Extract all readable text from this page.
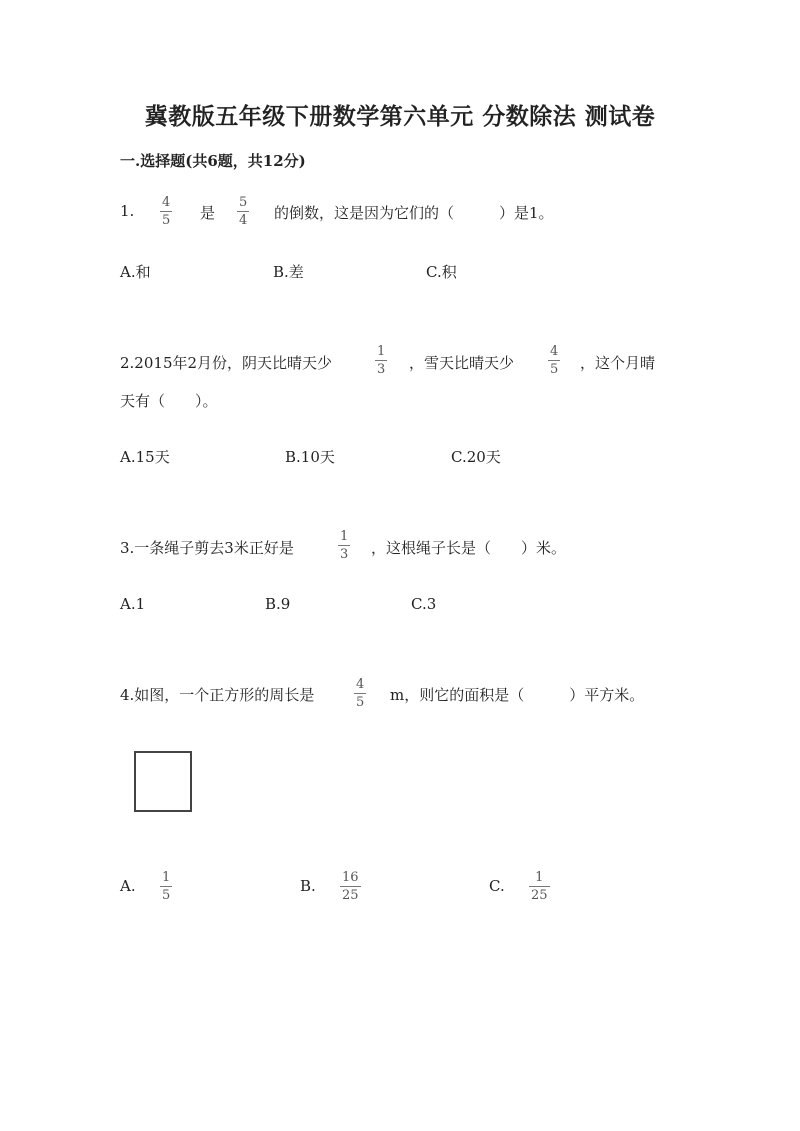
冀教版五年级下册数学第六单元 分数除法 测试卷
一.选择题(共6题，共12分)
1. 4
5 是
5
4 的倒数，这是因为它们的（　　　）是1。
A.和	B.差	C.积
2.2015年2月份，阴天比晴天少
1
3 ，雪天比晴天少
4
5 ，这个月晴
天有（　　）。
A.15天	B.10天	C.20天
3.一条绳子剪去3米正好是
1
3 ，这根绳子长是（　　）米。
A.1	B.9	C.3
4.如图，一个正方形的周长是
4
5 m，则它的面积是（　　　）平方米。
A. 1
5
B. 16
25
C. 1
25
